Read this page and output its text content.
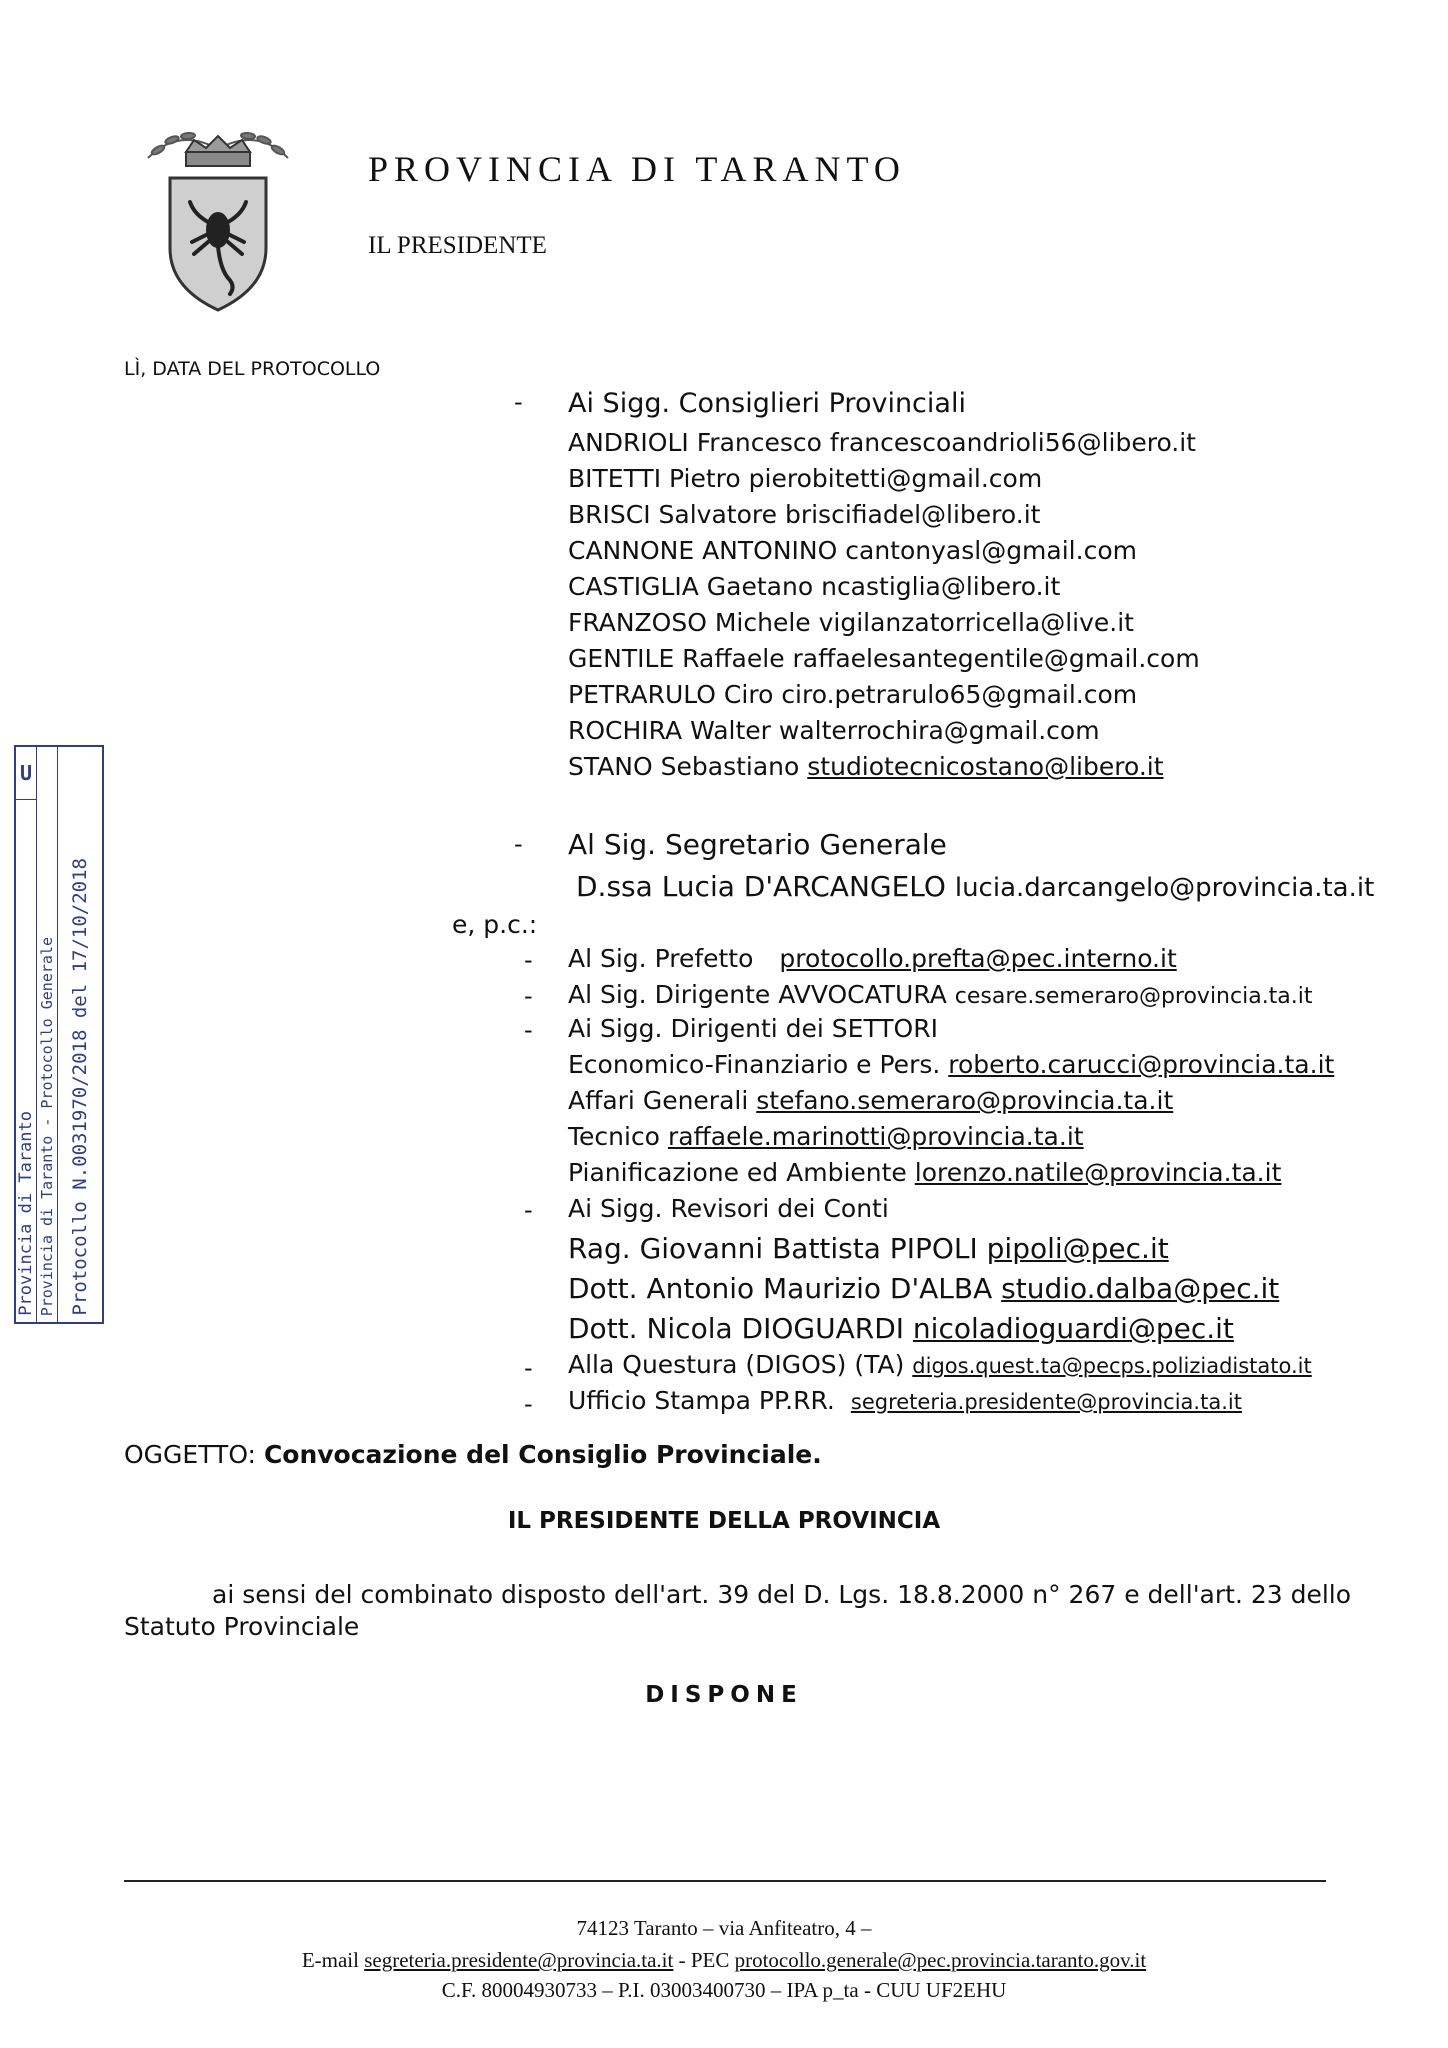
PROVINCIA DI TARANTO
IL PRESIDENTE
LÌ, DATA DEL PROTOCOLLO
U
Provincia di Taranto Provincia di Taranto - Protocollo Generale Protocollo N.0031970/2018 del 17/10/2018
- Ai Sigg. Consiglieri Provinciali
ANDRIOLI Francesco francescoandrioli56@libero.it
BITETTI Pietro pierobitetti@gmail.com
BRISCI Salvatore briscifiadel@libero.it
CANNONE ANTONINO cantonyasl@gmail.com
CASTIGLIA Gaetano ncastiglia@libero.it
FRANZOSO Michele vigilanzatorricella@live.it
GENTILE Raffaele raffaelesantegentile@gmail.com
PETRARULO Ciro ciro.petrarulo65@gmail.com
ROCHIRA Walter walterrochira@gmail.com
STANO Sebastiano studiotecnicostano@libero.it
- Al Sig. Segretario Generale
D.ssa Lucia D'ARCANGELO lucia.darcangelo@provincia.ta.it
e, p.c.:
- Al Sig. Prefetto protocollo.prefta@pec.interno.it
- Al Sig. Dirigente AVVOCATURA cesare.semeraro@provincia.ta.it
- Ai Sigg. Dirigenti dei SETTORI
Economico-Finanziario e Pers. roberto.carucci@provincia.ta.it
Affari Generali stefano.semeraro@provincia.ta.it
Tecnico raffaele.marinotti@provincia.ta.it
Pianificazione ed Ambiente lorenzo.natile@provincia.ta.it
- Ai Sigg. Revisori dei Conti
Rag. Giovanni Battista PIPOLI pipoli@pec.it
Dott. Antonio Maurizio D'ALBA studio.dalba@pec.it
Dott. Nicola DIOGUARDI nicoladioguardi@pec.it
- Alla Questura (DIGOS) (TA) digos.quest.ta@pecps.poliziadistato.it
- Ufficio Stampa PP.RR. segreteria.presidente@provincia.ta.it
OGGETTO: Convocazione del Consiglio Provinciale.
IL PRESIDENTE DELLA PROVINCIA
ai sensi del combinato disposto dell'art. 39 del D. Lgs. 18.8.2000 n° 267 e dell'art. 23 dello
Statuto Provinciale
DISPONE
74123 Taranto – via Anfiteatro, 4 –
E-mail segreteria.presidente@provincia.ta.it - PEC protocollo.generale@pec.provincia.taranto.gov.it
C.F. 80004930733 – P.I. 03003400730 – IPA p_ta - CUU UF2EHU
